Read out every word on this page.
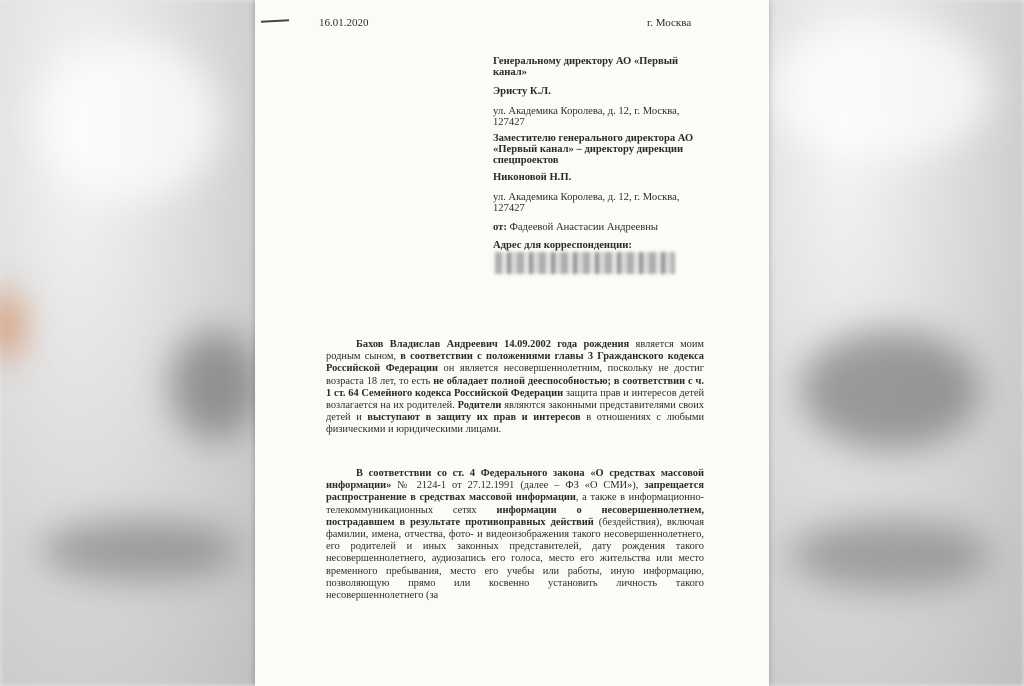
16.01.2020	г. Москва
Генеральному директору АО «Первый канал»
Эристу К.Л.
ул. Академика Королева, д. 12, г. Москва, 127427
Заместителю генерального директора АО «Первый канал» – директору дирекции спецпроектов
Никоновой Н.П.
ул. Академика Королева, д. 12, г. Москва, 127427
от: Фадеевой Анастасии Андреевны
Адрес для корреспонденции:
Бахов Владислав Андреевич 14.09.2002 года рождения является моим родным сыном, в соответствии с положениями главы 3 Гражданского кодекса Российской Федерации он является несовершеннолетним, поскольку не достиг возраста 18 лет, то есть не обладает полной дееспособностью; в соответствии с ч. 1 ст. 64 Семейного кодекса Российской Федерации защита прав и интересов детей возлагается на их родителей. Родители являются законными представителями своих детей и выступают в защиту их прав и интересов в отношениях с любыми физическими и юридическими лицами.
В соответствии со ст. 4 Федерального закона «О средствах массовой информации» № 2124-1 от 27.12.1991 (далее – ФЗ «О СМИ»), запрещается распространение в средствах массовой информации, а также в информационно-телекоммуникационных сетях информации о несовершеннолетнем, пострадавшем в результате противоправных действий (бездействия), включая фамилии, имена, отчества, фото- и видеоизображения такого несовершеннолетнего, его родителей и иных законных представителей, дату рождения такого несовершеннолетнего, аудиозапись его голоса, место его жительства или место временного пребывания, место его учебы или работы, иную информацию, позволяющую прямо или косвенно установить личность такого несовершеннолетнего (за
